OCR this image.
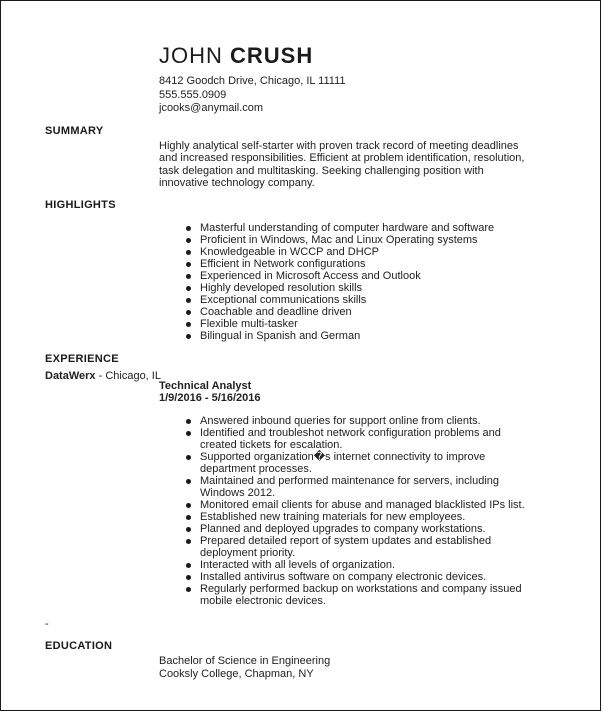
JOHN CRUSH
8412 Goodch Drive, Chicago, IL 11111
555.555.0909
jcooks@anymail.com
SUMMARY
Highly analytical self-starter with proven track record of meeting deadlines
and increased responsibilities. Efficient at problem identification, resolution,
task delegation and multitasking. Seeking challenging position with
innovative technology company.
HIGHLIGHTS
Masterful understanding of computer hardware and software
Proficient in Windows, Mac and Linux Operating systems
Knowledgeable in WCCP and DHCP
Efficient in Network configurations
Experienced in Microsoft Access and Outlook
Highly developed resolution skills
Exceptional communications skills
Coachable and deadline driven
Flexible multi-tasker
Bilingual in Spanish and German
EXPERIENCE
DataWerx - Chicago, IL
Technical Analyst
1/9/2016 - 5/16/2016
Answered inbound queries for support online from clients.
Identified and troubleshot network configuration problems and
created tickets for escalation.
Supported organization�s internet connectivity to improve
department processes.
Maintained and performed maintenance for servers, including
Windows 2012.
Monitored email clients for abuse and managed blacklisted IPs list.
Established new training materials for new employees.
Planned and deployed upgrades to company workstations.
Prepared detailed report of system updates and established
deployment priority.
Interacted with all levels of organization.
Installed antivirus software on company electronic devices.
Regularly performed backup on workstations and company issued
mobile electronic devices.
-
EDUCATION
Bachelor of Science in Engineering
Cooksly College, Chapman, NY
